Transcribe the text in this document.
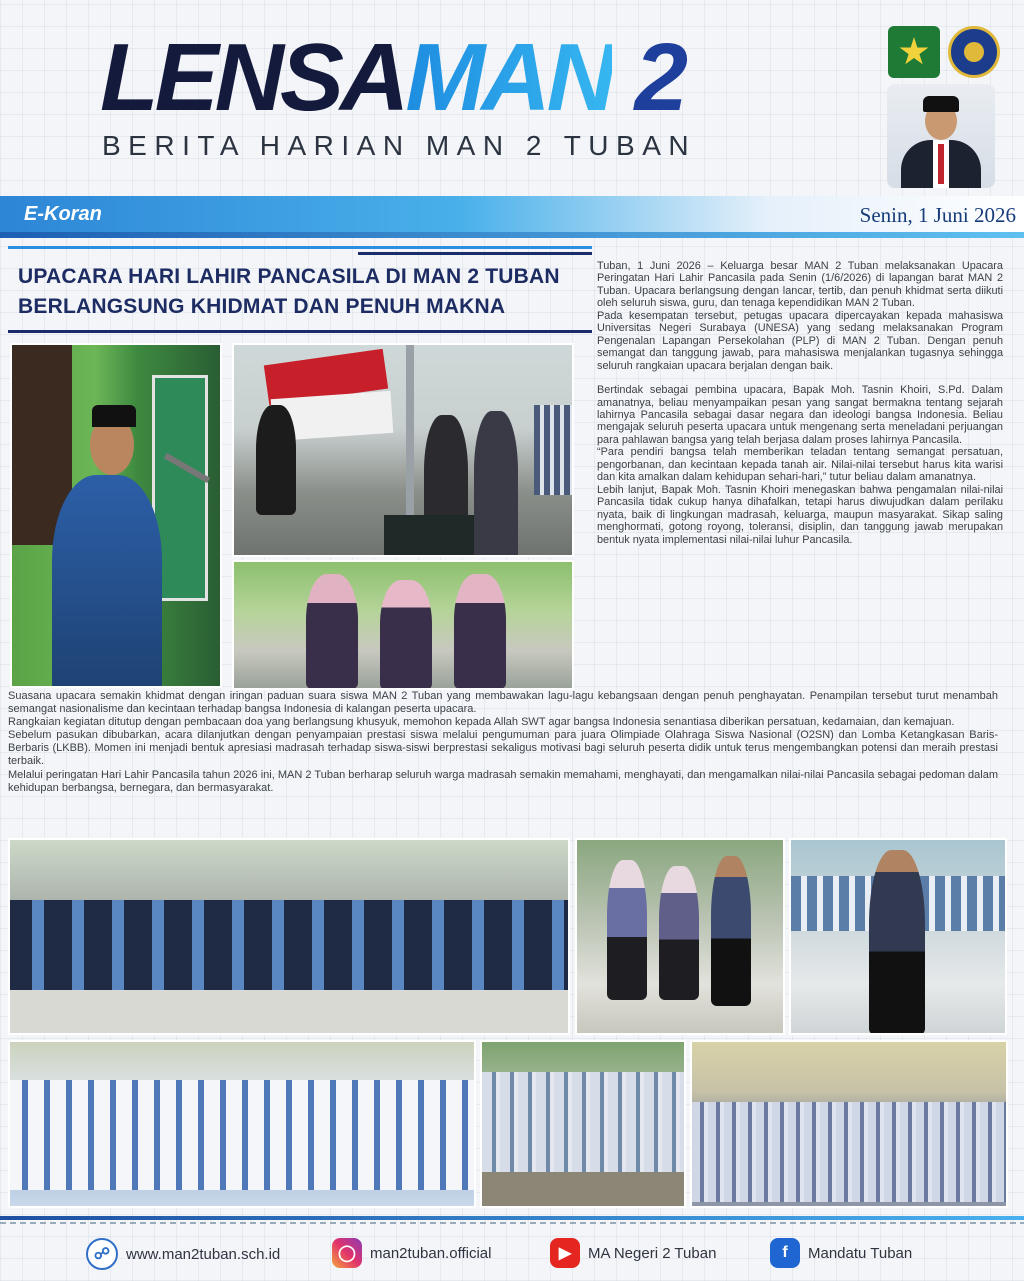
LENSAMAN 2
BERITA HARIAN MAN 2 TUBAN
E-Koran	Senin, 1 Juni 2026
UPACARA HARI LAHIR PANCASILA DI MAN 2 TUBAN
BERLANGSUNG KHIDMAT DAN PENUH MAKNA

Tuban, 1 Juni 2026 – Keluarga besar MAN 2 Tuban melaksanakan Upacara Peringatan Hari Lahir Pancasila pada Senin (1/6/2026) di lapangan barat MAN 2 Tuban. Upacara berlangsung dengan lancar, tertib, dan penuh khidmat serta diikuti oleh seluruh siswa, guru, dan tenaga kependidikan MAN 2 Tuban.

Pada kesempatan tersebut, petugas upacara dipercayakan kepada mahasiswa Universitas Negeri Surabaya (UNESA) yang sedang melaksanakan Program Pengenalan Lapangan Persekolahan (PLP) di MAN 2 Tuban. Dengan penuh semangat dan tanggung jawab, para mahasiswa menjalankan tugasnya sehingga seluruh rangkaian upacara berjalan dengan baik.

Bertindak sebagai pembina upacara, Bapak Moh. Tasnin Khoiri, S.Pd. Dalam amanatnya, beliau menyampaikan pesan yang sangat bermakna tentang sejarah lahirnya Pancasila sebagai dasar negara dan ideologi bangsa Indonesia. Beliau mengajak seluruh peserta upacara untuk mengenang serta meneladani perjuangan para pahlawan bangsa yang telah berjasa dalam proses lahirnya Pancasila.

“Para pendiri bangsa telah memberikan teladan tentang semangat persatuan, pengorbanan, dan kecintaan kepada tanah air. Nilai-nilai tersebut harus kita warisi dan kita amalkan dalam kehidupan sehari-hari,” tutur beliau dalam amanatnya.

Lebih lanjut, Bapak Moh. Tasnin Khoiri menegaskan bahwa pengamalan nilai-nilai Pancasila tidak cukup hanya dihafalkan, tetapi harus diwujudkan dalam perilaku nyata, baik di lingkungan madrasah, keluarga, maupun masyarakat. Sikap saling menghormati, gotong royong, toleransi, disiplin, dan tanggung jawab merupakan bentuk nyata implementasi nilai-nilai luhur Pancasila.

Suasana upacara semakin khidmat dengan iringan paduan suara siswa MAN 2 Tuban yang membawakan lagu-lagu kebangsaan dengan penuh penghayatan. Penampilan tersebut turut menambah semangat nasionalisme dan kecintaan terhadap bangsa Indonesia di kalangan peserta upacara.

Rangkaian kegiatan ditutup dengan pembacaan doa yang berlangsung khusyuk, memohon kepada Allah SWT agar bangsa Indonesia senantiasa diberikan persatuan, kedamaian, dan kemajuan.

Sebelum pasukan dibubarkan, acara dilanjutkan dengan penyampaian prestasi siswa melalui pengumuman para juara Olimpiade Olahraga Siswa Nasional (O2SN) dan Lomba Ketangkasan Baris-Berbaris (LKBB). Momen ini menjadi bentuk apresiasi madrasah terhadap siswa-siswi berprestasi sekaligus motivasi bagi seluruh peserta didik untuk terus mengembangkan potensi dan meraih prestasi terbaik.

Melalui peringatan Hari Lahir Pancasila tahun 2026 ini, MAN 2 Tuban berharap seluruh warga madrasah semakin memahami, menghayati, dan mengamalkan nilai-nilai Pancasila sebagai pedoman dalam kehidupan berbangsa, bernegara, dan bermasyarakat.

☍	www.man2tuban.sch.id	◯ man2tuban.official	▶	MA Negeri 2 Tuban	f	Mandatu Tuban
